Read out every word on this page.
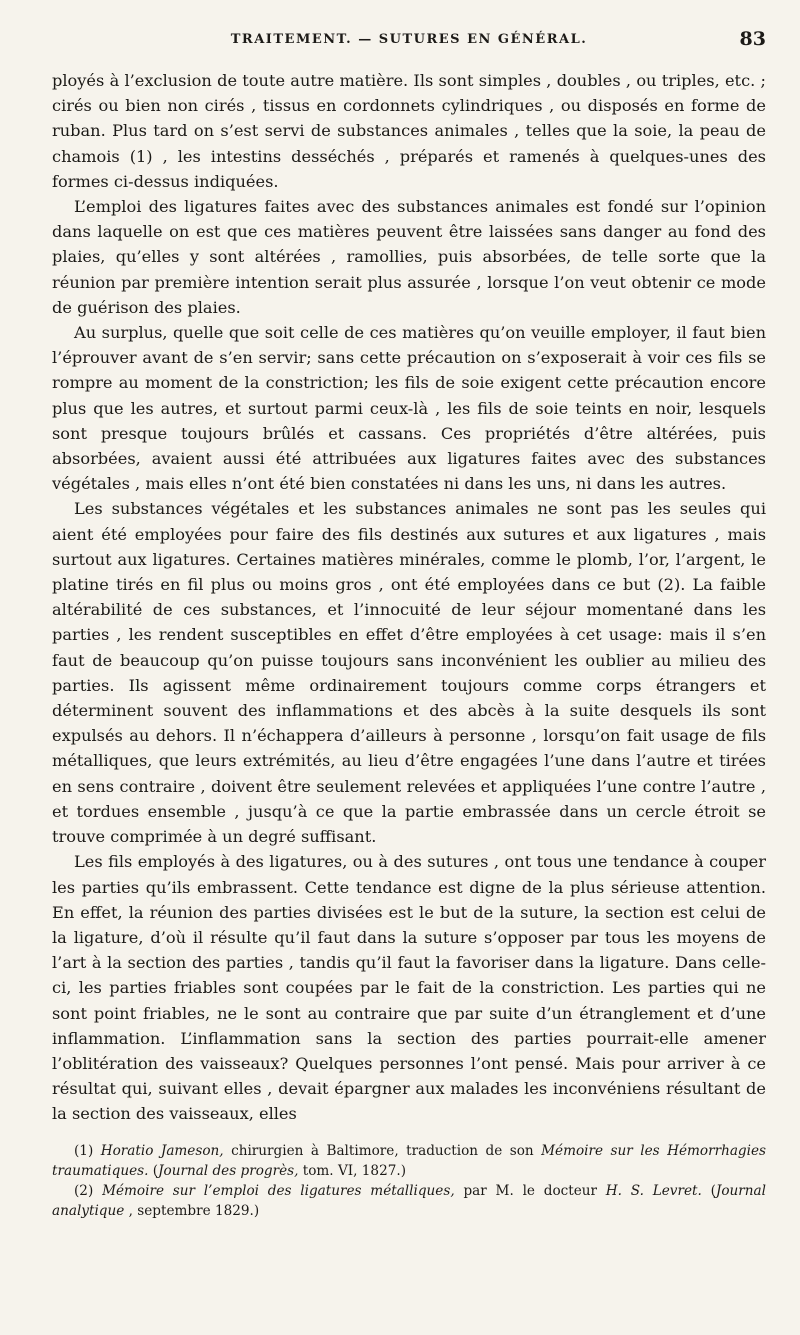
TRAITEMENT. — SUTURES EN GÉNÉRAL.	83

ployés à l’exclusion de toute autre matière. Ils sont simples , doubles , ou triples, etc. ; cirés ou bien non cirés , tissus en cordonnets cylindriques , ou disposés en forme de ruban. Plus tard on s’est servi de substances animales , telles que la soie, la peau de chamois (1) , les intestins desséchés , préparés et ramenés à quelques-unes des formes ci-dessus indiquées.

L’emploi des ligatures faites avec des substances animales est fondé sur l’opinion dans laquelle on est que ces matières peuvent être laissées sans danger au fond des plaies, qu’elles y sont altérées , ramollies, puis absorbées, de telle sorte que la réunion par première intention serait plus assurée , lorsque l’on veut obtenir ce mode de guérison des plaies.

Au surplus, quelle que soit celle de ces matières qu’on veuille employer, il faut bien l’éprouver avant de s’en servir; sans cette précaution on s’exposerait à voir ces fils se rompre au moment de la constriction; les fils de soie exigent cette précaution encore plus que les autres, et surtout parmi ceux-là , les fils de soie teints en noir, lesquels sont presque toujours brûlés et cassans. Ces propriétés d’être altérées, puis absorbées, avaient aussi été attribuées aux ligatures faites avec des substances végétales , mais elles n’ont été bien constatées ni dans les uns, ni dans les autres.

Les substances végétales et les substances animales ne sont pas les seules qui aient été employées pour faire des fils destinés aux sutures et aux ligatures , mais surtout aux ligatures. Certaines matières minérales, comme le plomb, l’or, l’argent, le platine tirés en fil plus ou moins gros , ont été employées dans ce but (2). La faible altérabilité de ces substances, et l’innocuité de leur séjour momentané dans les parties , les rendent susceptibles en effet d’être employées à cet usage: mais il s’en faut de beaucoup qu’on puisse toujours sans inconvénient les oublier au milieu des parties. Ils agissent même ordinairement toujours comme corps étrangers et déterminent souvent des inflammations et des abcès à la suite desquels ils sont expulsés au dehors. Il n’échappera d’ailleurs à personne , lorsqu’on fait usage de fils métalliques, que leurs extrémités, au lieu d’être engagées l’une dans l’autre et tirées en sens contraire , doivent être seulement relevées et appliquées l’une contre l’autre , et tordues ensemble , jusqu’à ce que la partie embrassée dans un cercle étroit se trouve comprimée à un degré suffisant.

Les fils employés à des ligatures, ou à des sutures , ont tous une tendance à couper les parties qu’ils embrassent. Cette tendance est digne de la plus sérieuse attention. En effet, la réunion des parties divisées est le but de la suture, la section est celui de la ligature, d’où il résulte qu’il faut dans la suture s’opposer par tous les moyens de l’art à la section des parties , tandis qu’il faut la favoriser dans la ligature. Dans celle-ci, les parties friables sont coupées par le fait de la constriction. Les parties qui ne sont point friables, ne le sont au contraire que par suite d’un étranglement et d’une inflammation. L’inflammation sans la section des parties pourrait-elle amener l’oblitération des vaisseaux? Quelques personnes l’ont pensé. Mais pour arriver à ce résultat qui, suivant elles , devait épargner aux malades les inconvéniens résultant de la section des vaisseaux, elles

(1) Horatio Jameson, chirurgien à Baltimore, traduction de son Mémoire sur les Hémorrhagies traumatiques. (Journal des progrès, tom. VI, 1827.)

(2) Mémoire sur l’emploi des ligatures métalliques, par M. le docteur H. S. Levret. (Journal analytique , septembre 1829.)
